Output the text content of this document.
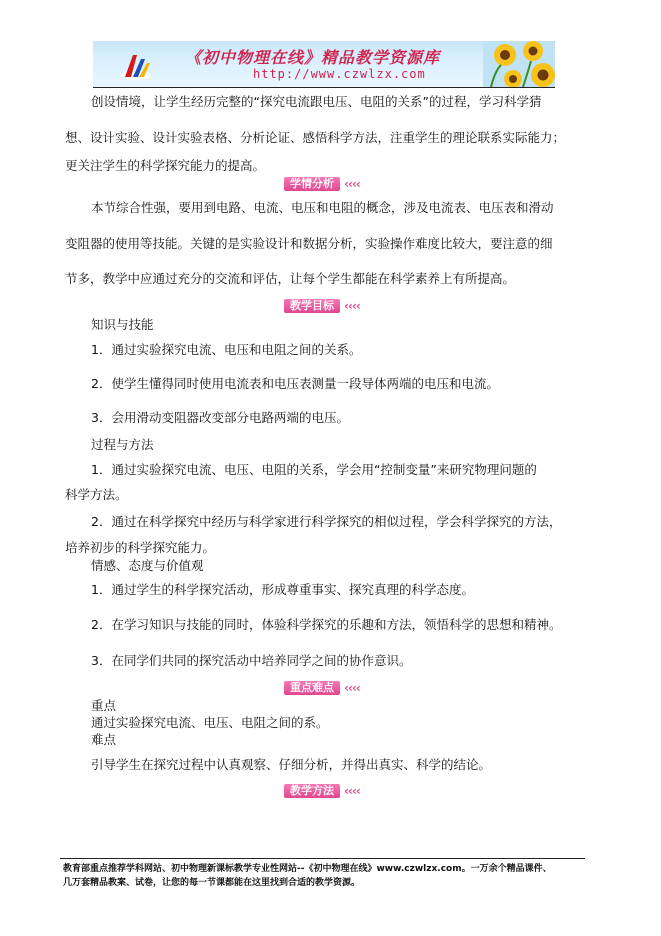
《初中物理在线》精品教学资源库
http://www.czwlzx.com
创设情境，让学生经历完整的“探究电流跟电压、电阻的关系”的过程，学习科学猜
想、设计实验、设计实验表格、分析论证、感悟科学方法，注重学生的理论联系实际能力；
更关注学生的科学探究能力的提高。
学情分析 ‹‹‹‹
本节综合性强，要用到电路、电流、电压和电阻的概念，涉及电流表、电压表和滑动
变阻器的使用等技能。关键的是实验设计和数据分析，实验操作难度比较大，要注意的细
节多，教学中应通过充分的交流和评估，让每个学生都能在科学素养上有所提高。
教学目标 ‹‹‹‹
知识与技能
1．通过实验探究电流、电压和电阻之间的关系。
2．使学生懂得同时使用电流表和电压表测量一段导体两端的电压和电流。
3．会用滑动变阻器改变部分电路两端的电压。
过程与方法
1．通过实验探究电流、电压、电阻的关系，学会用“控制变量”来研究物理问题的
科学方法。
2．通过在科学探究中经历与科学家进行科学探究的相似过程，学会科学探究的方法，
培养初步的科学探究能力。
情感、态度与价值观
1．通过学生的科学探究活动，形成尊重事实、探究真理的科学态度。
2．在学习知识与技能的同时，体验科学探究的乐趣和方法，领悟科学的思想和精神。
3．在同学们共同的探究活动中培养同学之间的协作意识。
重点难点 ‹‹‹‹
重点
通过实验探究电流、电压、电阻之间的系。
难点
引导学生在探究过程中认真观察、仔细分析，并得出真实、科学的结论。
教学方法 ‹‹‹‹
教育部重点推荐学科网站、初中物理新课标教学专业性网站--《初中物理在线》www.czwlzx.com。一万余个精品课件、
几万套精品教案、试卷，让您的每一节课都能在这里找到合适的教学资源。
